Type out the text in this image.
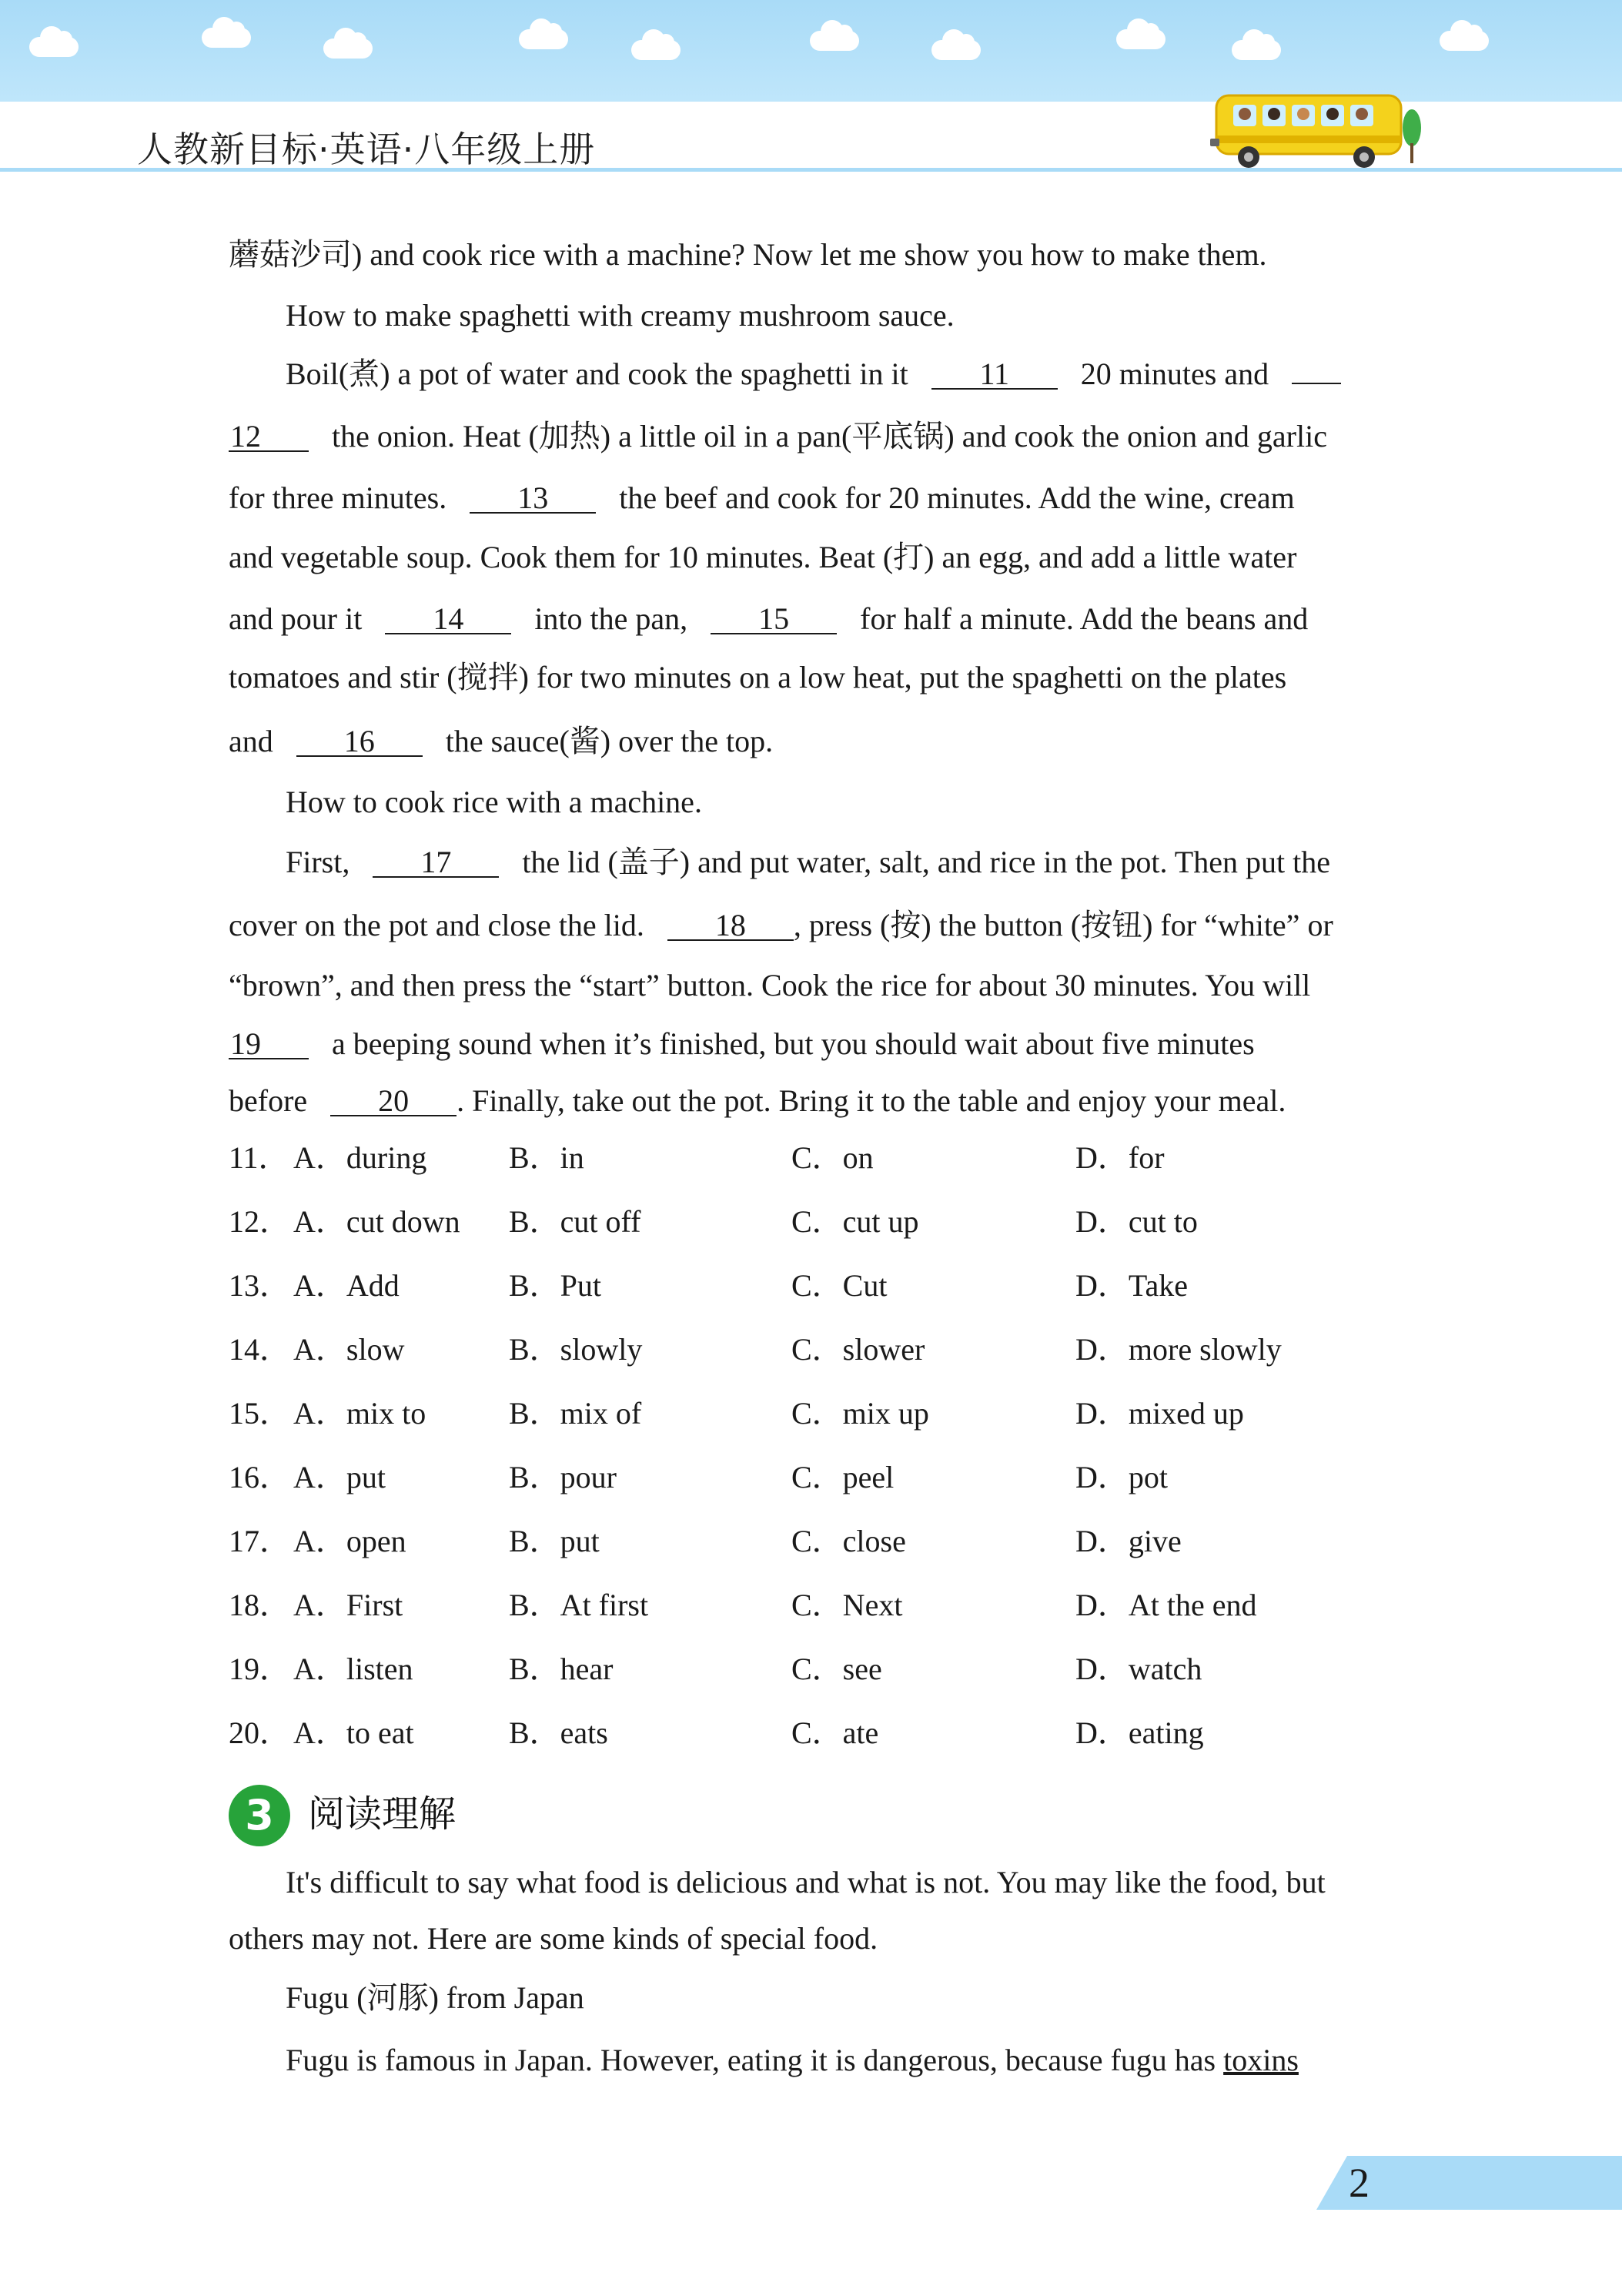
人教新目标·英语·八年级上册
蘑菇沙司) and cook rice with a machine? Now let me show you how to make them.
How to make spaghetti with creamy mushroom sauce.
Boil(煮) a pot of water and cook the spaghetti in it 11 20 minutes and
12 the onion. Heat (加热) a little oil in a pan(平底锅) and cook the onion and garlic
for three minutes. 13 the beef and cook for 20 minutes. Add the wine, cream
and vegetable soup. Cook them for 10 minutes. Beat (打) an egg, and add a little water
and pour it 14 into the pan, 15 for half a minute. Add the beans and
tomatoes and stir (搅拌) for two minutes on a low heat, put the spaghetti on the plates
and 16 the sauce(酱) over the top.
How to cook rice with a machine.
First, 17 the lid (盖子) and put water, salt, and rice in the pot. Then put the
cover on the pot and close the lid. 18 , press (按) the button (按钮) for “white” or
“brown”, and then press the “start” button. Cook the rice for about 30 minutes. You will
19 a beeping sound when it’s finished, but you should wait about five minutes
before 20 . Finally, take out the pot. Bring it to the table and enjoy your meal.
11． A．during	B．in	C．on	D．for
12． A．cut down B．cut off	C．cut up	D．cut to
13． A．Add	B．Put	C．Cut	D．Take
14． A．slow	B．slowly	C．slower	D．more slowly
15． A．mix to	B．mix of	C．mix up	D．mixed up
16． A．put	B．pour	C．peel	D．pot
17． A．open	B．put	C．close	D．give
18． A．First	B．At first	C．Next	D．At the end
19． A．listen	B．hear	C．see	D．watch
20． A．to eat	B．eats	C．ate	D．eating
3 阅读理解
It's difficult to say what food is delicious and what is not. You may like the food, but
others may not. Here are some kinds of special food.
Fugu (河豚) from Japan
Fugu is famous in Japan. However, eating it is dangerous, because fugu has toxins
2
